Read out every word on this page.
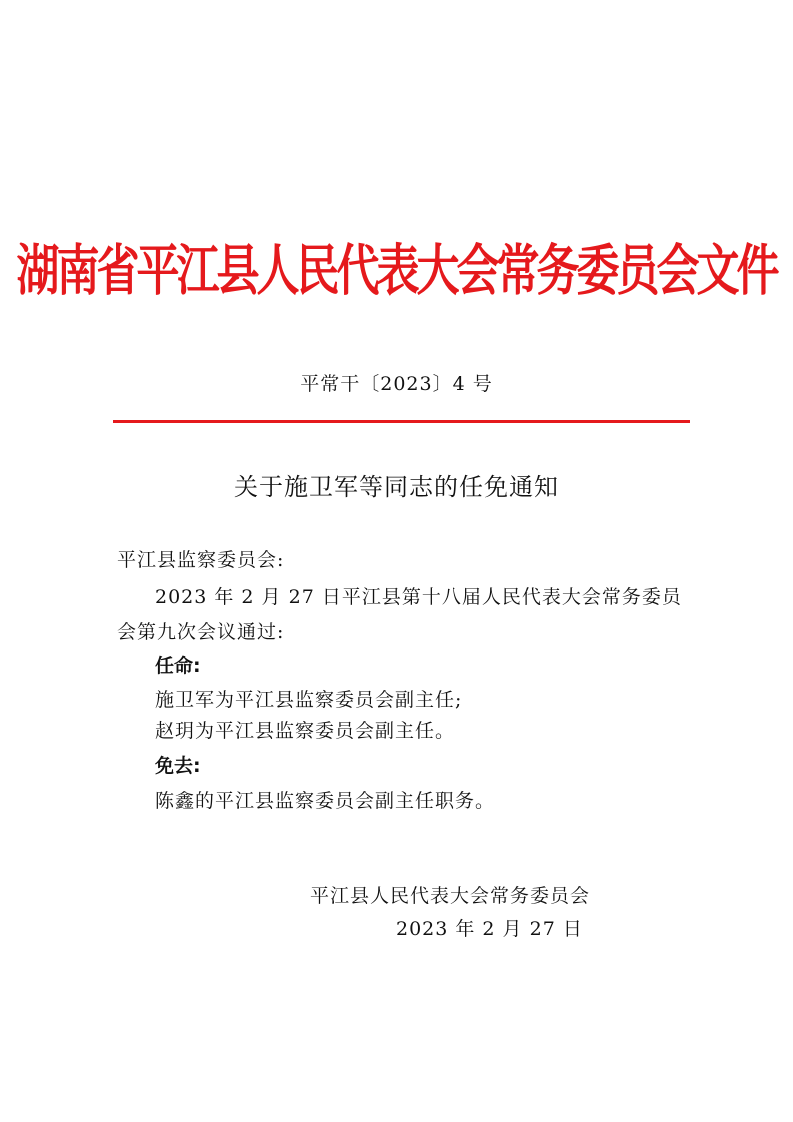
湖南省平江县人民代表大会常务委员会文件
平常干〔2023〕4 号
关于施卫军等同志的任免通知
平江县监察委员会:
2023 年 2 月 27 日平江县第十八届人民代表大会常务委员
会第九次会议通过:
任命:
施卫军为平江县监察委员会副主任;
赵玥为平江县监察委员会副主任。
免去:
陈鑫的平江县监察委员会副主任职务。
平江县人民代表大会常务委员会
2023 年 2 月 27 日
